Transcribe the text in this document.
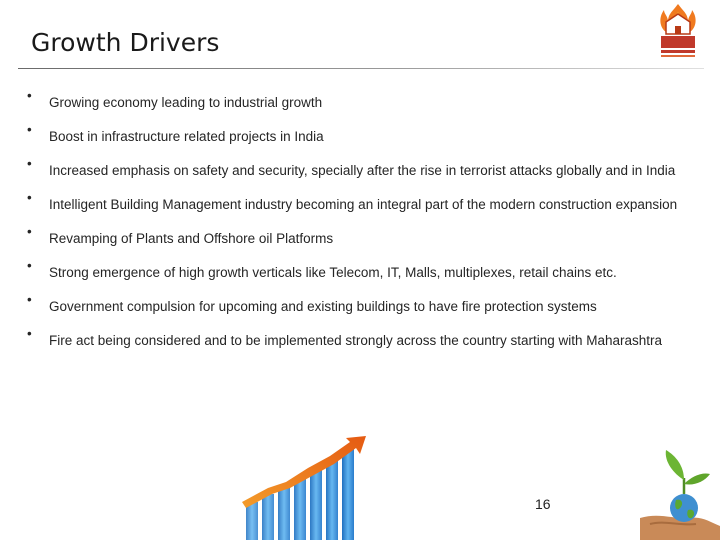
Growth Drivers
• Growing economy leading to industrial growth
• Boost in infrastructure related projects in India
• Increased emphasis on safety and security, specially after the rise in terrorist attacks globally and in India
• Intelligent Building Management industry becoming an integral part of the modern construction expansion
• Revamping of Plants and Offshore oil Platforms
• Strong emergence of high growth verticals like Telecom, IT, Malls, multiplexes, retail chains etc.
• Government compulsion for upcoming and existing buildings to have fire protection systems
• Fire act being considered and to be implemented strongly across the country starting with Maharashtra
16
